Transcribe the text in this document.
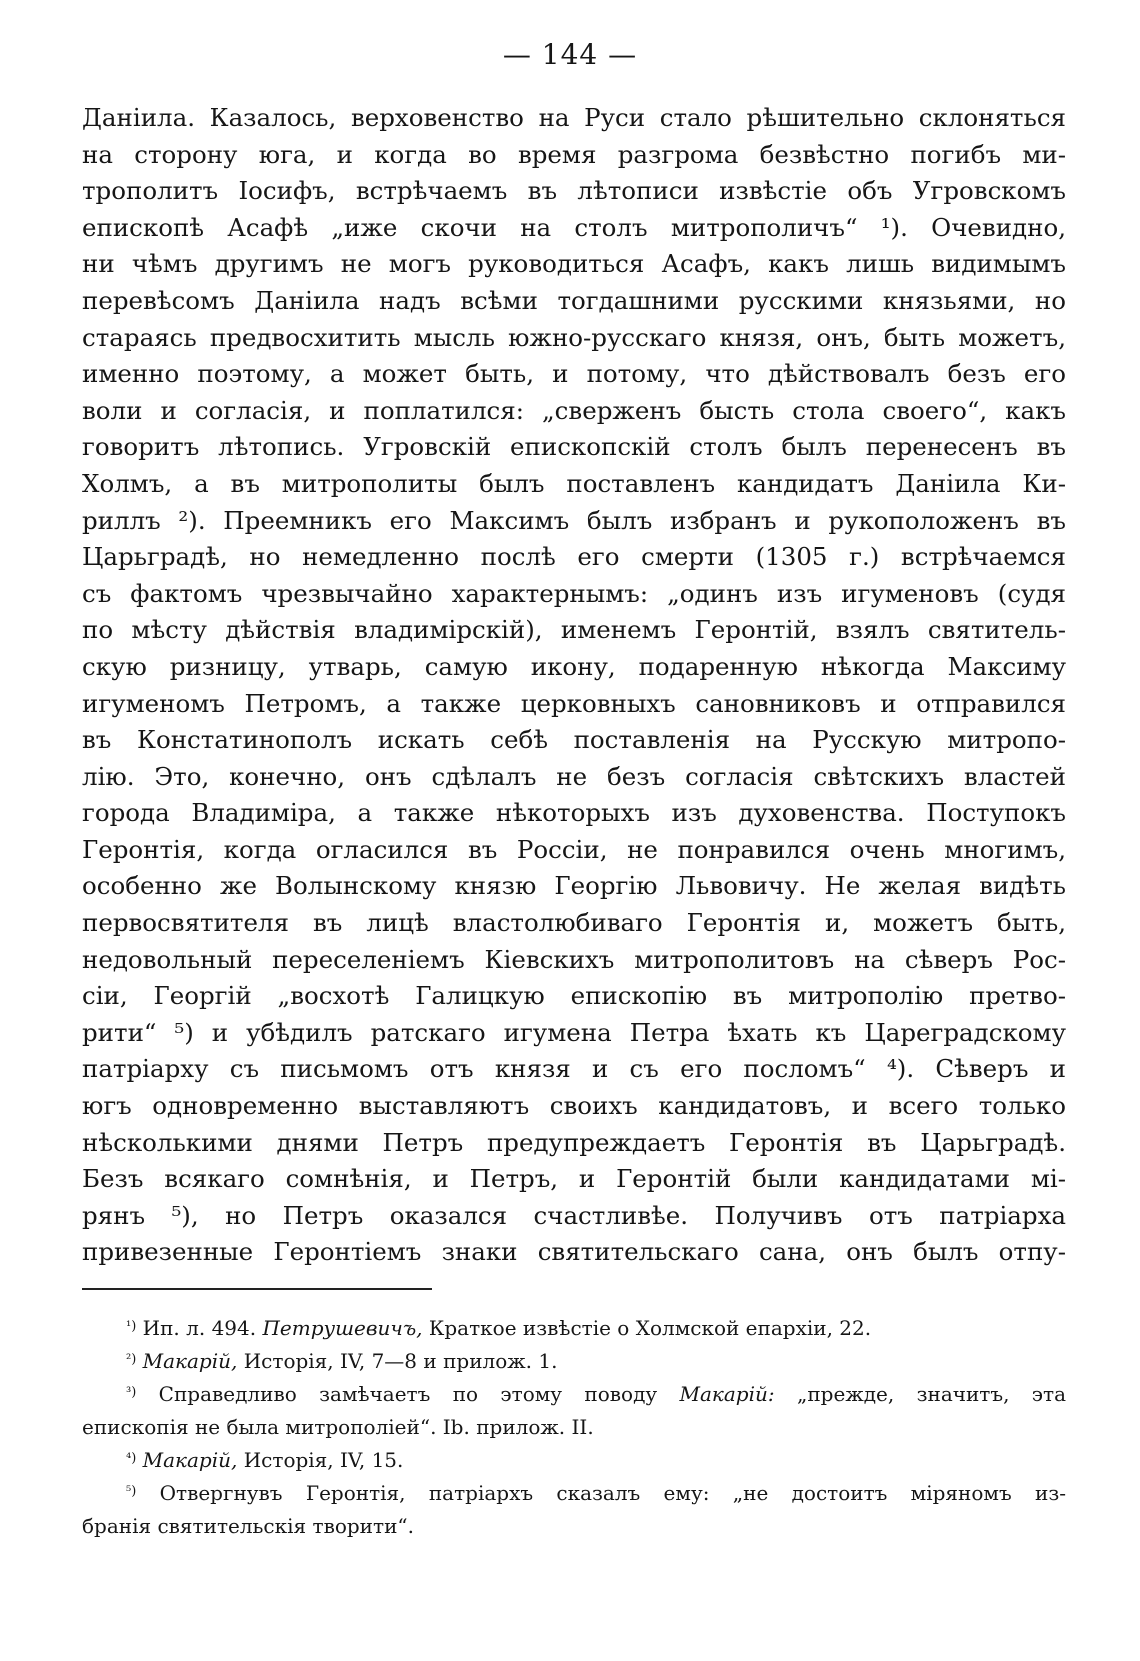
— 144 —
Даніила. Казалось, верховенство на Руси стало рѣшительно склоняться
на сторону юга, и когда во время разгрома безвѣстно погибъ ми-
трополитъ Іосифъ, встрѣчаемъ въ лѣтописи извѣстіе объ Угровскомъ
епископѣ Асафѣ „иже скочи на столъ митрополичъ“ ¹). Очевидно,
ни чѣмъ другимъ не могъ руководиться Асафъ, какъ лишь видимымъ
перевѣсомъ Даніила надъ всѣми тогдашними русскими князьями, но
стараясь предвосхитить мысль южно-русскаго князя, онъ, быть можетъ,
именно поэтому, а может быть, и потому, что дѣйствовалъ безъ его
воли и согласія, и поплатился: „сверженъ бысть стола своего“, какъ
говоритъ лѣтопись. Угровскій епископскій столъ былъ перенесенъ въ
Холмъ, а въ митрополиты былъ поставленъ кандидатъ Даніила Ки-
риллъ ²). Преемникъ его Максимъ былъ избранъ и рукоположенъ въ
Царьградѣ, но немедленно послѣ его смерти (1305 г.) встрѣчаемся
съ фактомъ чрезвычайно характернымъ: „одинъ изъ игуменовъ (судя
по мѣсту дѣйствія владимірскій), именемъ Геронтій, взялъ святитель-
скую ризницу, утварь, самую икону, подаренную нѣкогда Максиму
игуменомъ Петромъ, а также церковныхъ сановниковъ и отправился
въ Констатинополъ искать себѣ поставленія на Русскую митропо-
лію. Это, конечно, онъ сдѣлалъ не безъ согласія свѣтскихъ властей
города Владиміра, а также нѣкоторыхъ изъ духовенства. Поступокъ
Геронтія, когда огласился въ Россіи, не понравился очень многимъ,
особенно же Волынскому князю Георгію Львовичу. Не желая видѣть
первосвятителя въ лицѣ властолюбиваго Геронтія и, можетъ быть,
недовольный переселеніемъ Кіевскихъ митрополитовъ на сѣверъ Рос-
сіи, Георгій „восхотѣ Галицкую епископію въ митрополію претво-
рити“ ⁵) и убѣдилъ ратскаго игумена Петра ѣхать къ Цареградскому
патріарху съ письмомъ отъ князя и съ его посломъ“ ⁴). Сѣверъ и
югъ одновременно выставляютъ своихъ кандидатовъ, и всего только
нѣсколькими днями Петръ предупреждаетъ Геронтія въ Царьградѣ.
Безъ всякаго сомнѣнія, и Петръ, и Геронтій были кандидатами мі-
рянъ ⁵), но Петръ оказался счастливѣе. Получивъ отъ патріарха
привезенные Геронтіемъ знаки святительскаго сана, онъ былъ отпу-
$^{^1)}$ Ип. л. 494. Петрушевичъ, Краткое извѣстіе о Холмской епархіи, 22.
$^{^2)}$ Макарій, Исторія, IV, 7—8 и прилож. 1.
$^{^3)}$ Справедливо замѣчаетъ по этому поводу Макарій: „прежде, значитъ, эта
епископія не была митрополіей“. Ib. прилож. II.
$^{^4)}$ Макарій, Исторія, IV, 15.
$^{^5)}$ Отвергнувъ Геронтія, патріархъ сказалъ ему: „не достоитъ міряномъ из-
бранія святительскія творити“.
